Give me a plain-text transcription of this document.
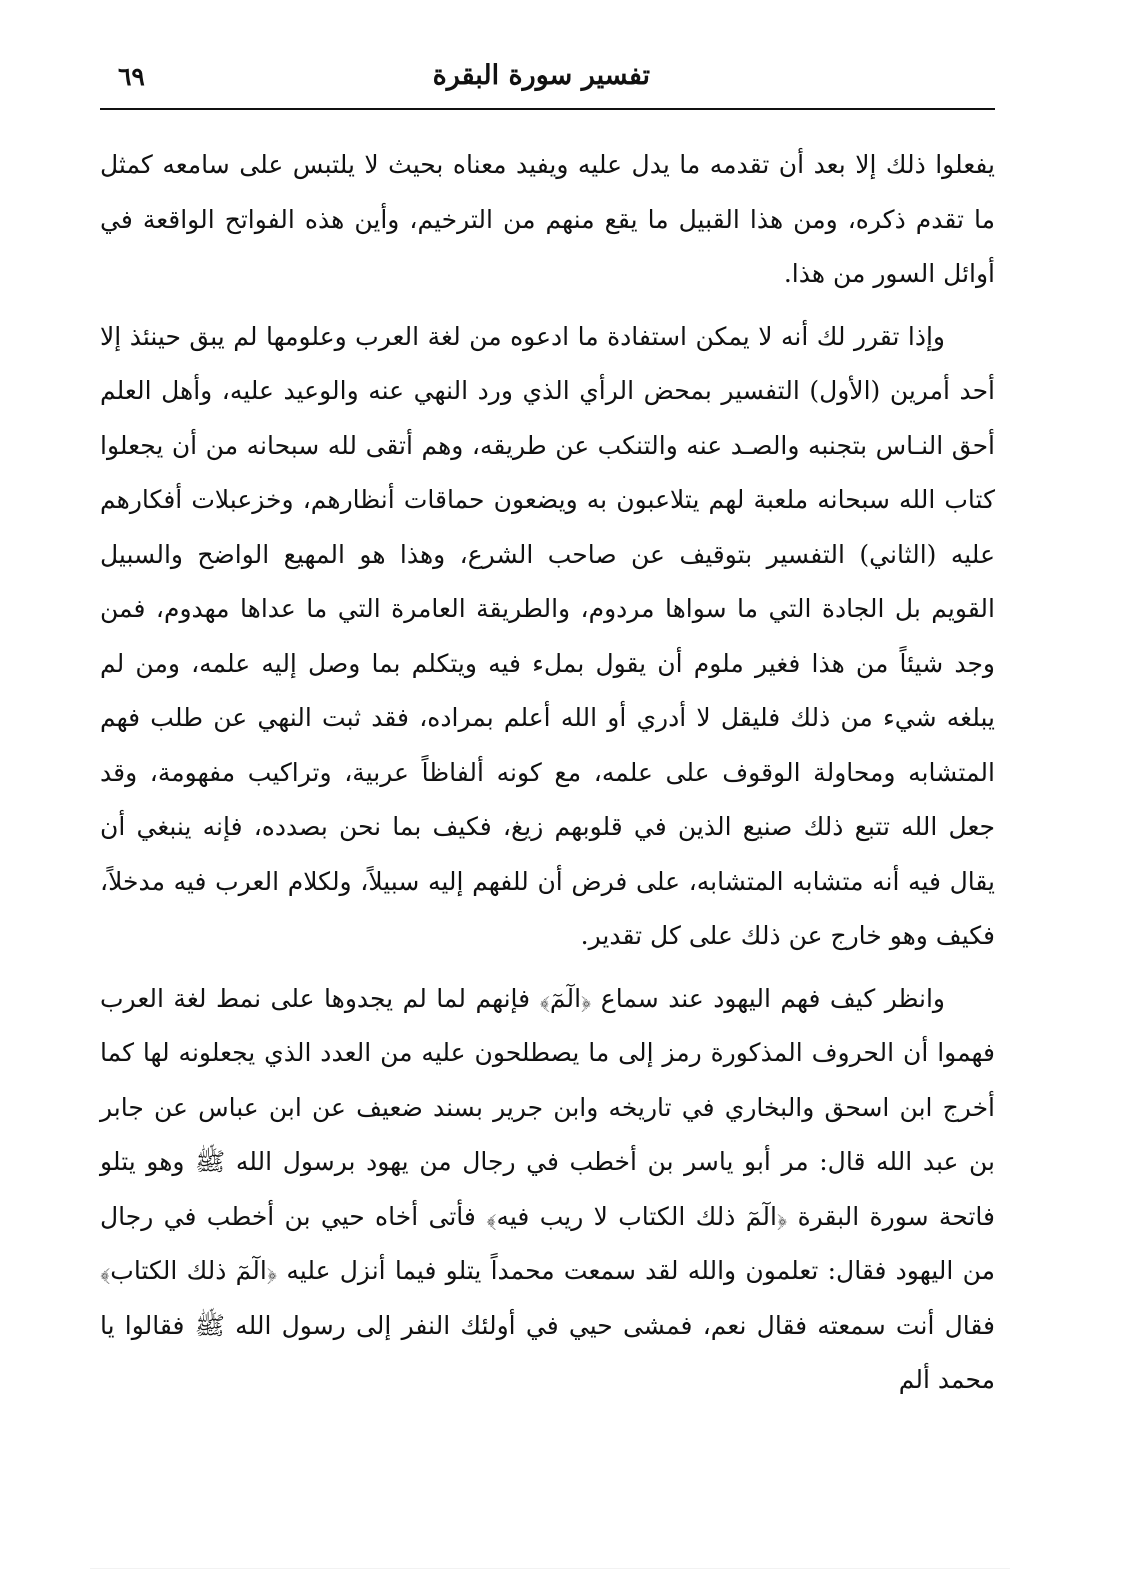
تفسير سورة البقرة
٦٩

يفعلوا ذلك إلا بعد أن تقدمه ما يدل عليه ويفيد معناه بحيث لا يلتبس على سامعه كمثل ما تقدم ذكره، ومن هذا القبيل ما يقع منهم من الترخيم، وأين هذه الفواتح الواقعة في أوائل السور من هذا.

وإذا تقرر لك أنه لا يمكن استفادة ما ادعوه من لغة العرب وعلومها لم يبق حينئذ إلا أحد أمرين (الأول) التفسير بمحض الرأي الذي ورد النهي عنه والوعيد عليه، وأهل العلم أحق النـاس بتجنبه والصـد عنه والتنكب عن طريقه، وهم أتقى لله سبحانه من أن يجعلوا كتاب الله سبحانه ملعبة لهم يتلاعبون به ويضعون حماقات أنظارهم، وخزعبلات أفكارهم عليه (الثاني) التفسير بتوقيف عن صاحب الشرع، وهذا هو المهيع الواضح والسبيل القويم بل الجادة التي ما سواها مردوم، والطريقة العامرة التي ما عداها مهدوم، فمن وجد شيئاً من هذا فغير ملوم أن يقول بملء فيه ويتكلم بما وصل إليه علمه، ومن لم يبلغه شيء من ذلك فليقل لا أدري أو الله أعلم بمراده، فقد ثبت النهي عن طلب فهم المتشابه ومحاولة الوقوف على علمه، مع كونه ألفاظاً عربية، وتراكيب مفهومة، وقد جعل الله تتبع ذلك صنيع الذين في قلوبهم زيغ، فكيف بما نحن بصدده، فإنه ينبغي أن يقال فيه أنه متشابه المتشابه، على فرض أن للفهم إليه سبيلاً، ولكلام العرب فيه مدخلاً، فكيف وهو خارج عن ذلك على كل تقدير.

وانظر كيف فهم اليهود عند سماع ﴿الٓمٓ﴾ فإنهم لما لم يجدوها على نمط لغة العرب فهموا أن الحروف المذكورة رمز إلى ما يصطلحون عليه من العدد الذي يجعلونه لها كما أخرج ابن اسحق والبخاري في تاريخه وابن جرير بسند ضعيف عن ابن عباس عن جابر بن عبد الله قال: مر أبو ياسر بن أخطب في رجال من يهود برسول الله ﷺ وهو يتلو فاتحة سورة البقرة ﴿الٓمٓ ذلك الكتاب لا ريب فيه﴾ فأتى أخاه حيي بن أخطب في رجال من اليهود فقال: تعلمون والله لقد سمعت محمداً يتلو فيما أنزل عليه ﴿الٓمٓ ذلك الكتاب﴾ فقال أنت سمعته فقال نعم، فمشى حيي في أولئك النفر إلى رسول الله ﷺ فقالوا يا محمد ألم
